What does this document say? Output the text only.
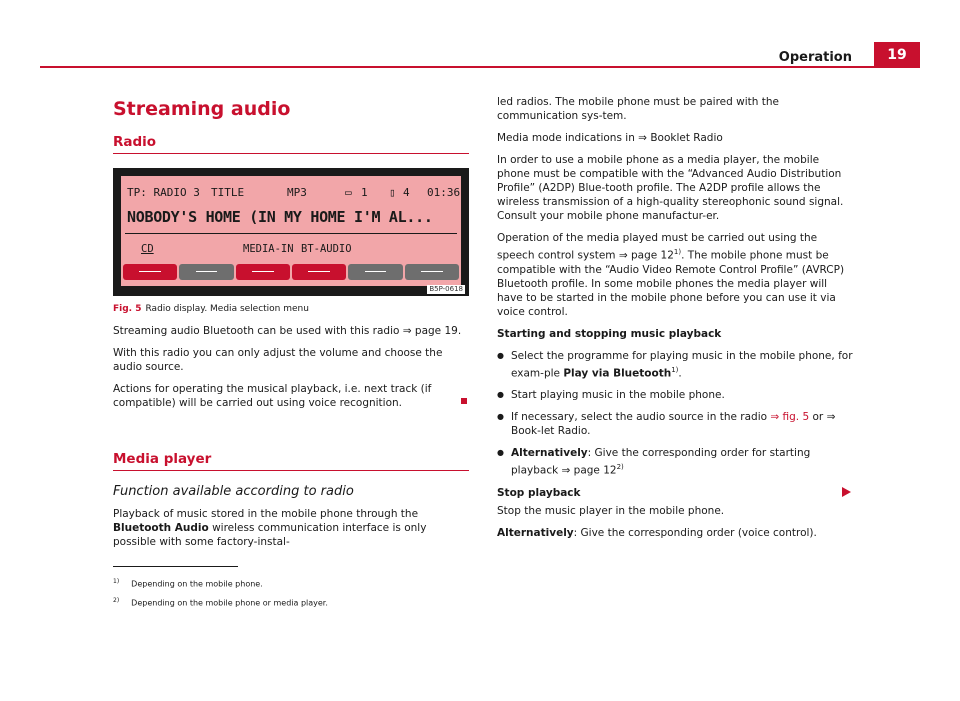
Operation	19
Streaming audio
Radio
TP: RADIO 3 TITLE	MP3	▭ 1 ▯ 4 01:36
NOBODY'S HOME (IN MY HOME I'M AL...
CD	MEDIA-IN BT-AUDIO
B5P-0618
Fig. 5 Radio display. Media selection menu

Streaming audio Bluetooth can be used with this radio ⇒ page 19.

With this radio you can only adjust the volume and choose the audio source.

Actions for operating the musical playback, i.e. next track (if compatible) will be carried out using voice recognition.

Media player
Function available according to radio

Playback of music stored in the mobile phone through the Bluetooth Audio wireless communication interface is only possible with some factory-instal-

led radios. The mobile phone must be paired with the communication sys-tem.

Media mode indications in ⇒ Booklet Radio

In order to use a mobile phone as a media player, the mobile phone must be compatible with the “Advanced Audio Distribution Profile” (A2DP) Blue-tooth profile. The A2DP profile allows the wireless transmission of a high-quality stereophonic sound signal. Consult your mobile phone manufactur-er.

Operation of the media played must be carried out using the speech control system ⇒ page 12$^{1)}$. The mobile phone must be compatible with the “Audio Video Remote Control Profile” (AVRCP) Bluetooth profile. In some mobile phones the media player will have to be started in the mobile phone before you can use it via voice control.

Starting and stopping music playback

● Select the programme for playing music in the mobile phone, for exam-ple Play via Bluetooth$^{1)}$.

● Start playing music in the mobile phone.

● If necessary, select the audio source in the radio ⇒ fig. 5 or ⇒ Book-let Radio.

● Alternatively: Give the corresponding order for starting playback ⇒ page 12$^{2)}$

Stop playback

Stop the music player in the mobile phone.

Alternatively: Give the corresponding order (voice control).

$^{1)}$ Depending on the mobile phone.
$^{2)}$ Depending on the mobile phone or media player.
